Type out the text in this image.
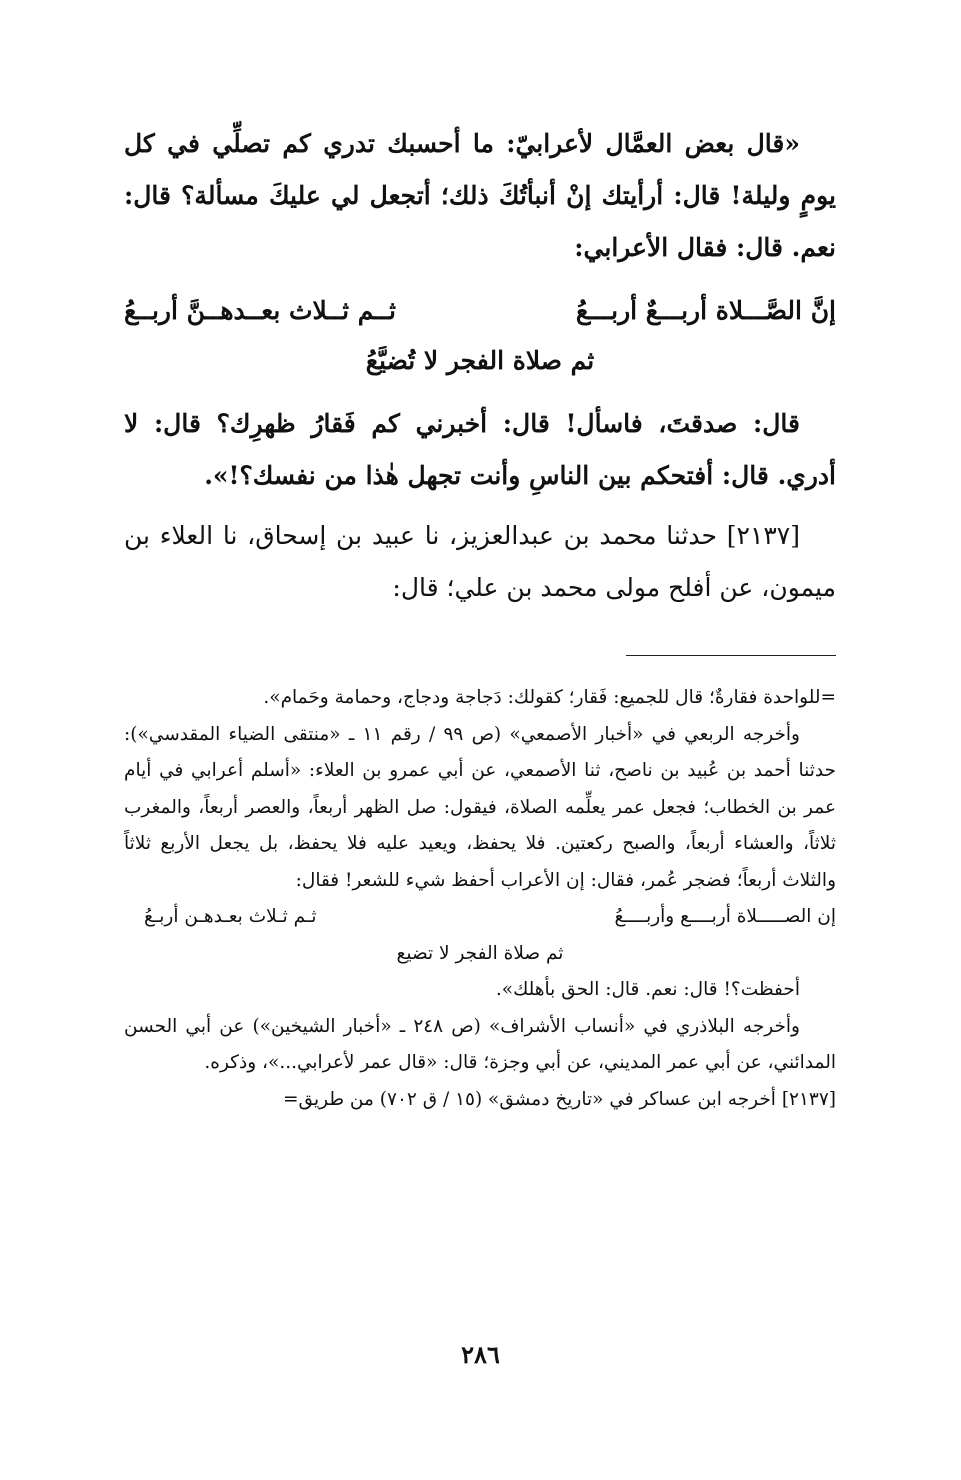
«قال بعض العمَّال لأعرابيّ: ما أحسبك تدري كم تصلِّي في كل يومٍ وليلة! قال: أرأيتك إنْ أنبأتُكَ ذلك؛ أتجعل لي عليكَ مسألة؟ قال: نعم. قال: فقال الأعرابي:

إنَّ الصَّـــلاة أربـــعٌ أربـــعُ
ثــم ثــلاث بعــدهــنَّ أربــعُ
ثم صلاة الفجر لا تُضيَّعُ

قال: صدقتَ، فاسأل! قال: أخبرني كم فَقارُ ظهرِك؟ قال: لا أدري. قال: أفتحكم بين الناسِ وأنت تجهل هٰذا من نفسك؟!».

[٢١٣٧] حدثنا محمد بن عبدالعزيز، نا عبيد بن إسحاق، نا العلاء بن ميمون، عن أفلح مولى محمد بن علي؛ قال:

=للواحدة فقارةٌ؛ قال للجميع: فَقار؛ كقولك: دَجاجة ودجاج، وحمامة وحَمام».

وأخرجه الربعي في «أخبار الأصمعي» (ص ٩٩ / رقم ١١ ـ «منتقى الضياء المقدسي»): حدثنا أحمد بن عُبيد بن ناصح، ثنا الأصمعي، عن أبي عمرو بن العلاء: «أسلم أعرابي في أيام عمر بن الخطاب؛ فجعل عمر يعلِّمه الصلاة، فيقول: صل الظهر أربعاً، والعصر أربعاً، والمغرب ثلاثاً، والعشاء أربعاً، والصبح ركعتين. فلا يحفظ، ويعيد عليه فلا يحفظ، بل يجعل الأربع ثلاثاً والثلاث أربعاً؛ فضجر عُمر، فقال: إن الأعراب أحفظ شيء للشعر! فقال:

إن الصـــــلاة أربــــع وأربــــعُ
ثـم ثـلاث بعـدهـن أربـعُ
ثم صلاة الفجر لا تضيع

أحفظت؟! قال: نعم. قال: الحق بأهلك».

وأخرجه البلاذري في «أنساب الأشراف» (ص ٢٤٨ ـ «أخبار الشيخين») عن أبي الحسن المدائني، عن أبي عمر المديني، عن أبي وجزة؛ قال: «قال عمر لأعرابي...»، وذكره.

[٢١٣٧] أخرجه ابن عساكر في «تاريخ دمشق» (١٥ / ق ٧٠٢) من طريق=

٢٨٦
